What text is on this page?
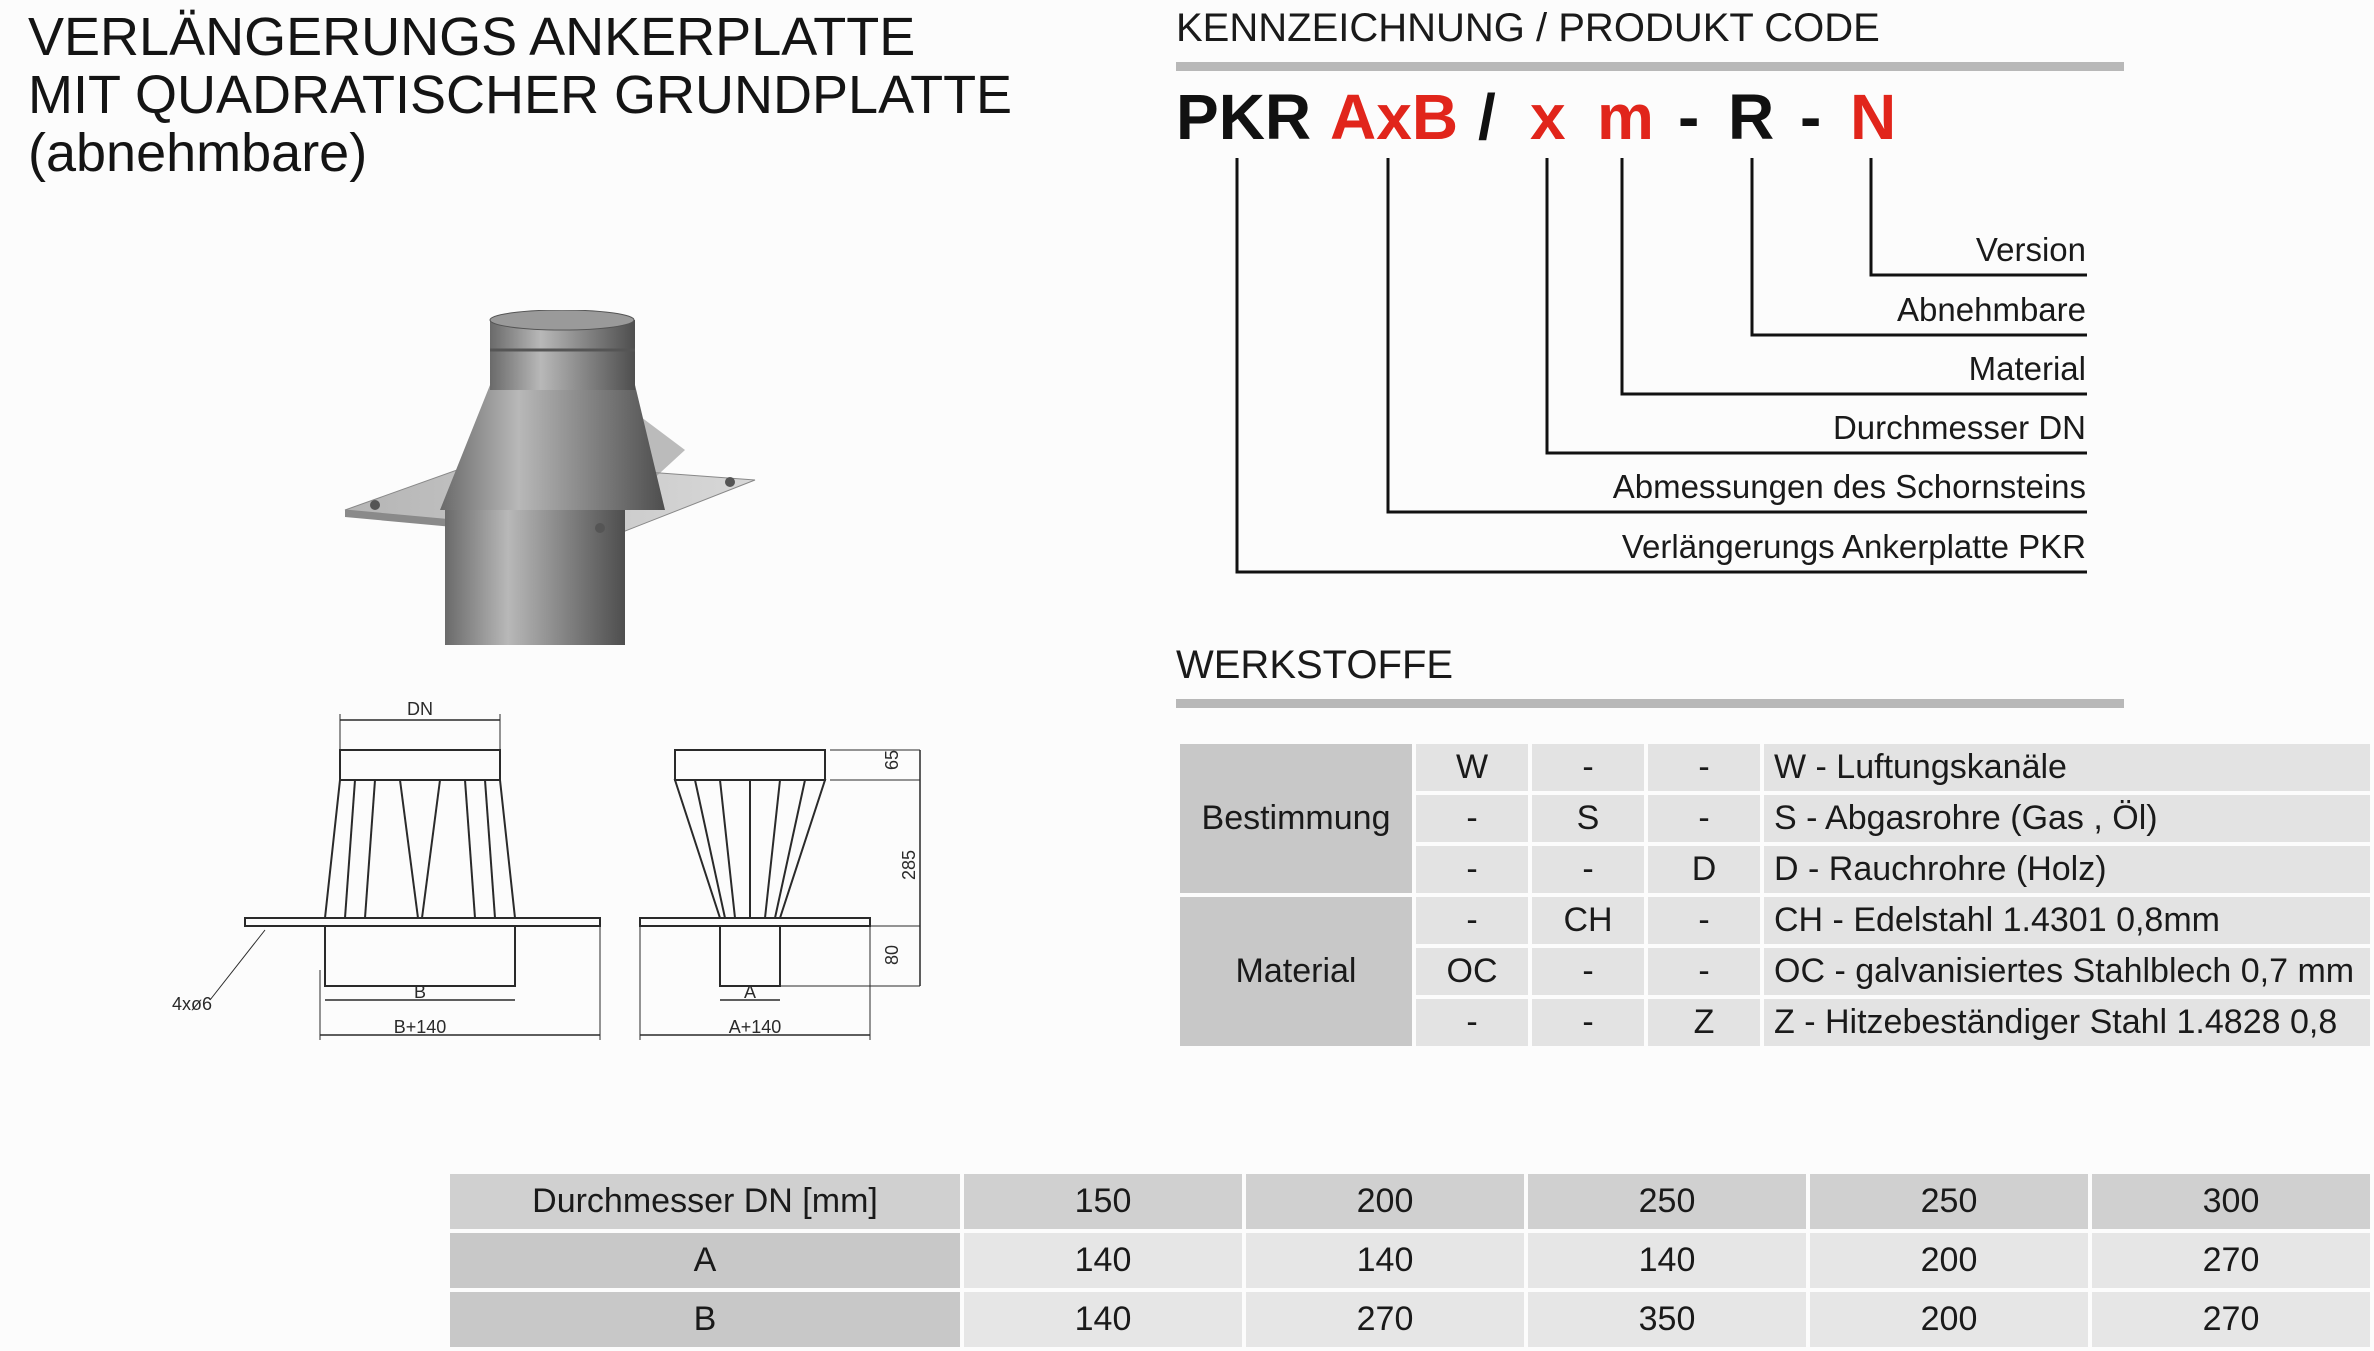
VERLÄNGERUNGS ANKERPLATTE
MIT QUADRATISCHER GRUNDPLATTE
(abnehmbare)
DN
B
B+140
4xø6
A
A+140
65
285
80
KENNZEICHNUNG / PRODUKT CODE
PKR AxB / x m - R - N
Version
Abnehmbare
Material
Durchmesser DN
Abmessungen des Schornsteins
Verlängerungs Ankerplatte PKR
WERKSTOFFE
Bestimmung	W	-	-	W - Luftungskanäle
	-	S	-	S - Abgasrohre (Gas , Öl)
	-	-	D	D - Rauchrohre (Holz)
Material	-	CH	-	CH - Edelstahl 1.4301 0,8mm
	OC	-	-	OC - galvanisiertes Stahlblech 0,7 mm
	-	-	Z	Z - Hitzebeständiger Stahl 1.4828 0,8
Durchmesser DN [mm]	150	200	250	250	300
A	140	140	140	200	270
B	140	270	350	200	270
